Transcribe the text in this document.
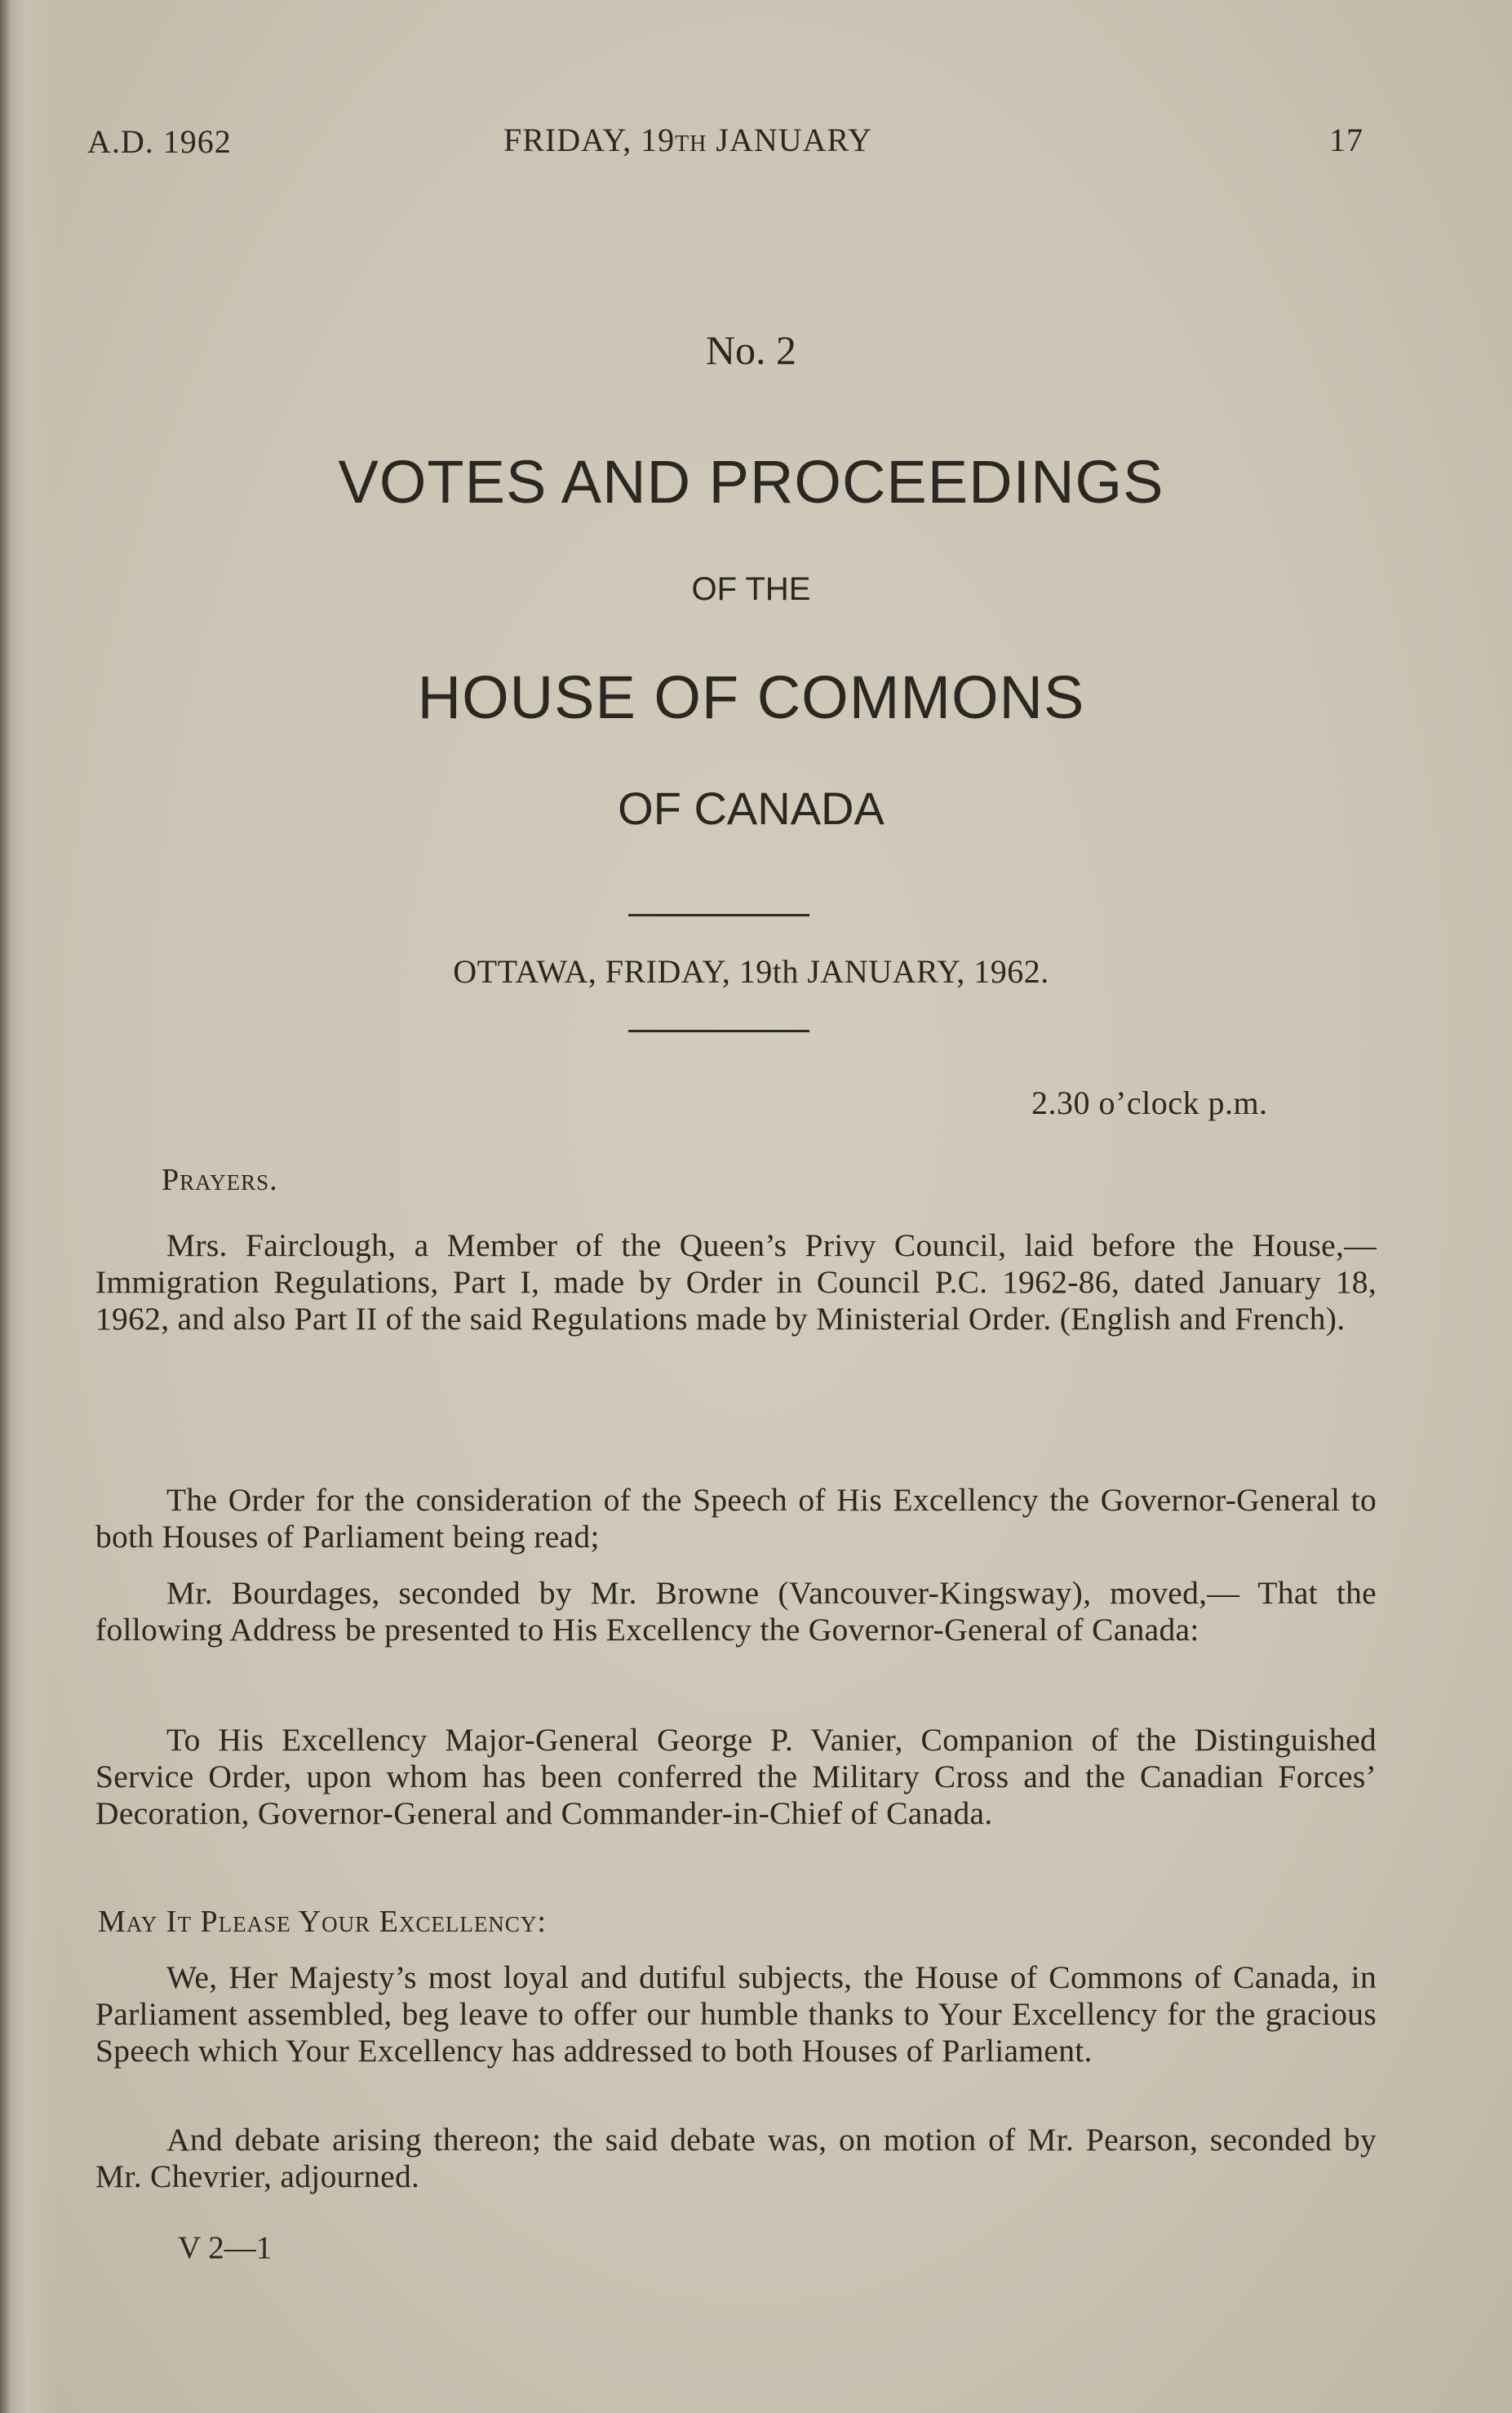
A.D. 1962	FRIDAY, 19TH JANUARY	17
No. 2
VOTES AND PROCEEDINGS
OF THE
HOUSE OF COMMONS
OF CANADA
OTTAWA, FRIDAY, 19th JANUARY, 1962.
2.30 o’clock p.m.
Prayers.

Mrs. Fairclough, a Member of the Queen’s Privy Council, laid before the House,—Immigration Regulations, Part I, made by Order in Council P.C. 1962-86, dated January 18, 1962, and also Part II of the said Regulations made by Ministerial Order. (English and French).

The Order for the consideration of the Speech of His Excellency the Governor-General to both Houses of Parliament being read;

Mr. Bourdages, seconded by Mr. Browne (Vancouver-Kingsway), moved,— That the following Address be presented to His Excellency the Governor-General of Canada:

To His Excellency Major-General George P. Vanier, Companion of the Distinguished Service Order, upon whom has been conferred the Military Cross and the Canadian Forces’ Decoration, Governor-General and Commander-in-Chief of Canada.

May It Please Your Excellency:

We, Her Majesty’s most loyal and dutiful subjects, the House of Commons of Canada, in Parliament assembled, beg leave to offer our humble thanks to Your Excellency for the gracious Speech which Your Excellency has addressed to both Houses of Parliament.

And debate arising thereon; the said debate was, on motion of Mr. Pearson, seconded by Mr. Chevrier, adjourned.

V 2—1
